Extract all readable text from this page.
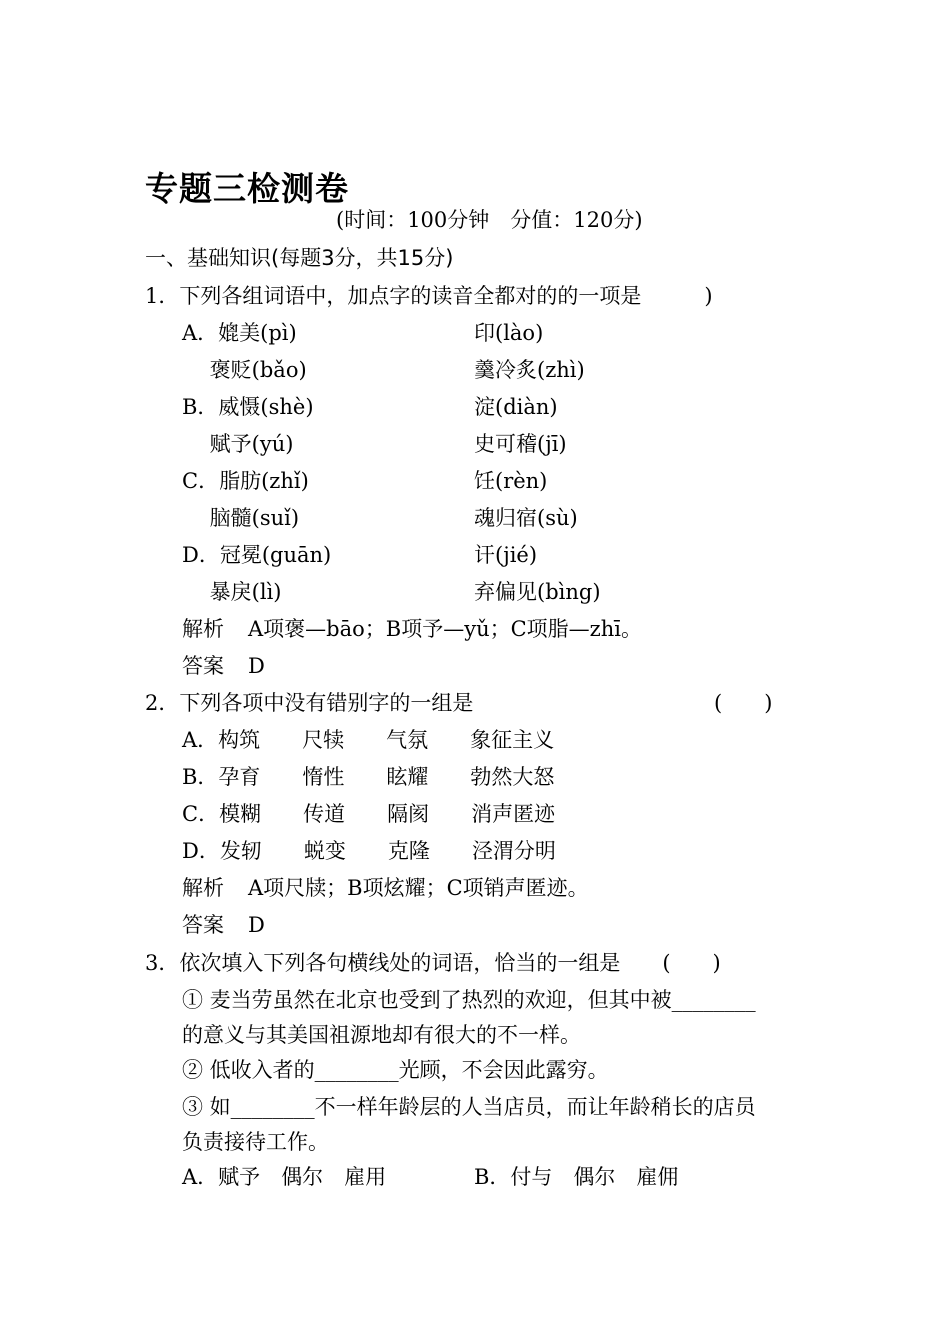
专题三检测卷
(时间：100分钟　分值：120分)
一、基础知识(每题3分，共15分)
1．下列各组词语中，加点字的读音全都对的的一项是　　　)
A．媲美(pì)	印(lào)
　 褒贬(bǎo)	羹冷炙(zhì)
B．威慑(shè)	淀(diàn)
　 赋予(yú)	史可稽(jī)
C．脂肪(zhǐ)	饪(rèn)
　 脑髓(suǐ)	魂归宿(sù)
D．冠冕(guān)	讦(jié)
　 暴戾(lì)	弃偏见(bìng)
解析 A项褒—bāo；B项予—yǔ；C项脂—zhī。
答案 D
2．下列各项中没有错别字的一组是	(　　)
A．构筑　　尺犊　　气氛　　象征主义
B．孕育　　惰性　　眩耀　　勃然大怒
C．模糊　　传道　　隔阂　　消声匿迹
D．发轫　　蜕变　　克隆　　泾渭分明
解析 A项尺牍；B项炫耀；C项销声匿迹。
答案 D
3．依次填入下列各句横线处的词语，恰当的一组是　　(　　)
① 麦当劳虽然在北京也受到了热烈的欢迎，但其中被________
的意义与其美国祖源地却有很大的不一样。
② 低收入者的________光顾，不会因此露穷。
③ 如________不一样年龄层的人当店员，而让年龄稍长的店员
负责接待工作。
A．赋予　偶尔　雇用	B．付与　偶尔　雇佣
